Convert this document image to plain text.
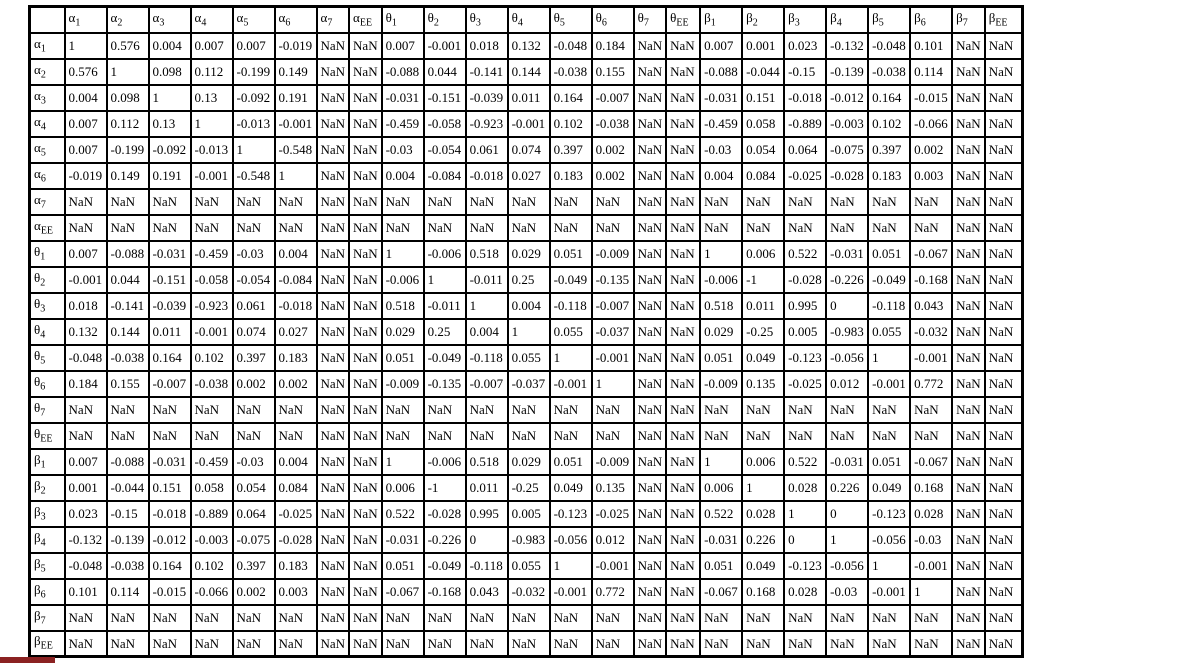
	$\alpha_1$	$\alpha_2$	$\alpha_3$	$\alpha_4$	$\alpha_5$	$\alpha_6$	$\alpha_7$	$\alpha_{EE}$	$\theta_1$	$\theta_2$	$\theta_3$	$\theta_4$	$\theta_5$	$\theta_6$	$\theta_7$	$\theta_{EE}$	$\beta_1$	$\beta_2$	$\beta_3$	$\beta_4$	$\beta_5$	$\beta_6$	$\beta_7$	$\beta_{EE}$
$\alpha_1$	1	0.576	0.004	0.007	0.007	-0.019	NaN	NaN	0.007	-0.001	0.018	0.132	-0.048	0.184	NaN	NaN	0.007	0.001	0.023	-0.132	-0.048	0.101	NaN	NaN
$\alpha_2$	0.576	1	0.098	0.112	-0.199	0.149	NaN	NaN	-0.088	0.044	-0.141	0.144	-0.038	0.155	NaN	NaN	-0.088	-0.044	-0.15	-0.139	-0.038	0.114	NaN	NaN
$\alpha_3$	0.004	0.098	1	0.13	-0.092	0.191	NaN	NaN	-0.031	-0.151	-0.039	0.011	0.164	-0.007	NaN	NaN	-0.031	0.151	-0.018	-0.012	0.164	-0.015	NaN	NaN
$\alpha_4$	0.007	0.112	0.13	1	-0.013	-0.001	NaN	NaN	-0.459	-0.058	-0.923	-0.001	0.102	-0.038	NaN	NaN	-0.459	0.058	-0.889	-0.003	0.102	-0.066	NaN	NaN
$\alpha_5$	0.007	-0.199	-0.092	-0.013	1	-0.548	NaN	NaN	-0.03	-0.054	0.061	0.074	0.397	0.002	NaN	NaN	-0.03	0.054	0.064	-0.075	0.397	0.002	NaN	NaN
$\alpha_6$	-0.019	0.149	0.191	-0.001	-0.548	1	NaN	NaN	0.004	-0.084	-0.018	0.027	0.183	0.002	NaN	NaN	0.004	0.084	-0.025	-0.028	0.183	0.003	NaN	NaN
$\alpha_7$	NaN	NaN	NaN	NaN	NaN	NaN	NaN	NaN	NaN	NaN	NaN	NaN	NaN	NaN	NaN	NaN	NaN	NaN	NaN	NaN	NaN	NaN	NaN	NaN
$\alpha_{EE}$	NaN	NaN	NaN	NaN	NaN	NaN	NaN	NaN	NaN	NaN	NaN	NaN	NaN	NaN	NaN	NaN	NaN	NaN	NaN	NaN	NaN	NaN	NaN	NaN
$\theta_1$	0.007	-0.088	-0.031	-0.459	-0.03	0.004	NaN	NaN	1	-0.006	0.518	0.029	0.051	-0.009	NaN	NaN	1	0.006	0.522	-0.031	0.051	-0.067	NaN	NaN
$\theta_2$	-0.001	0.044	-0.151	-0.058	-0.054	-0.084	NaN	NaN	-0.006	1	-0.011	0.25	-0.049	-0.135	NaN	NaN	-0.006	-1	-0.028	-0.226	-0.049	-0.168	NaN	NaN
$\theta_3$	0.018	-0.141	-0.039	-0.923	0.061	-0.018	NaN	NaN	0.518	-0.011	1	0.004	-0.118	-0.007	NaN	NaN	0.518	0.011	0.995	0	-0.118	0.043	NaN	NaN
$\theta_4$	0.132	0.144	0.011	-0.001	0.074	0.027	NaN	NaN	0.029	0.25	0.004	1	0.055	-0.037	NaN	NaN	0.029	-0.25	0.005	-0.983	0.055	-0.032	NaN	NaN
$\theta_5$	-0.048	-0.038	0.164	0.102	0.397	0.183	NaN	NaN	0.051	-0.049	-0.118	0.055	1	-0.001	NaN	NaN	0.051	0.049	-0.123	-0.056	1	-0.001	NaN	NaN
$\theta_6$	0.184	0.155	-0.007	-0.038	0.002	0.002	NaN	NaN	-0.009	-0.135	-0.007	-0.037	-0.001	1	NaN	NaN	-0.009	0.135	-0.025	0.012	-0.001	0.772	NaN	NaN
$\theta_7$	NaN	NaN	NaN	NaN	NaN	NaN	NaN	NaN	NaN	NaN	NaN	NaN	NaN	NaN	NaN	NaN	NaN	NaN	NaN	NaN	NaN	NaN	NaN	NaN
$\theta_{EE}$	NaN	NaN	NaN	NaN	NaN	NaN	NaN	NaN	NaN	NaN	NaN	NaN	NaN	NaN	NaN	NaN	NaN	NaN	NaN	NaN	NaN	NaN	NaN	NaN
$\beta_1$	0.007	-0.088	-0.031	-0.459	-0.03	0.004	NaN	NaN	1	-0.006	0.518	0.029	0.051	-0.009	NaN	NaN	1	0.006	0.522	-0.031	0.051	-0.067	NaN	NaN
$\beta_2$	0.001	-0.044	0.151	0.058	0.054	0.084	NaN	NaN	0.006	-1	0.011	-0.25	0.049	0.135	NaN	NaN	0.006	1	0.028	0.226	0.049	0.168	NaN	NaN
$\beta_3$	0.023	-0.15	-0.018	-0.889	0.064	-0.025	NaN	NaN	0.522	-0.028	0.995	0.005	-0.123	-0.025	NaN	NaN	0.522	0.028	1	0	-0.123	0.028	NaN	NaN
$\beta_4$	-0.132	-0.139	-0.012	-0.003	-0.075	-0.028	NaN	NaN	-0.031	-0.226	0	-0.983	-0.056	0.012	NaN	NaN	-0.031	0.226	0	1	-0.056	-0.03	NaN	NaN
$\beta_5$	-0.048	-0.038	0.164	0.102	0.397	0.183	NaN	NaN	0.051	-0.049	-0.118	0.055	1	-0.001	NaN	NaN	0.051	0.049	-0.123	-0.056	1	-0.001	NaN	NaN
$\beta_6$	0.101	0.114	-0.015	-0.066	0.002	0.003	NaN	NaN	-0.067	-0.168	0.043	-0.032	-0.001	0.772	NaN	NaN	-0.067	0.168	0.028	-0.03	-0.001	1	NaN	NaN
$\beta_7$	NaN	NaN	NaN	NaN	NaN	NaN	NaN	NaN	NaN	NaN	NaN	NaN	NaN	NaN	NaN	NaN	NaN	NaN	NaN	NaN	NaN	NaN	NaN	NaN
$\beta_{EE}$	NaN	NaN	NaN	NaN	NaN	NaN	NaN	NaN	NaN	NaN	NaN	NaN	NaN	NaN	NaN	NaN	NaN	NaN	NaN	NaN	NaN	NaN	NaN	NaN
